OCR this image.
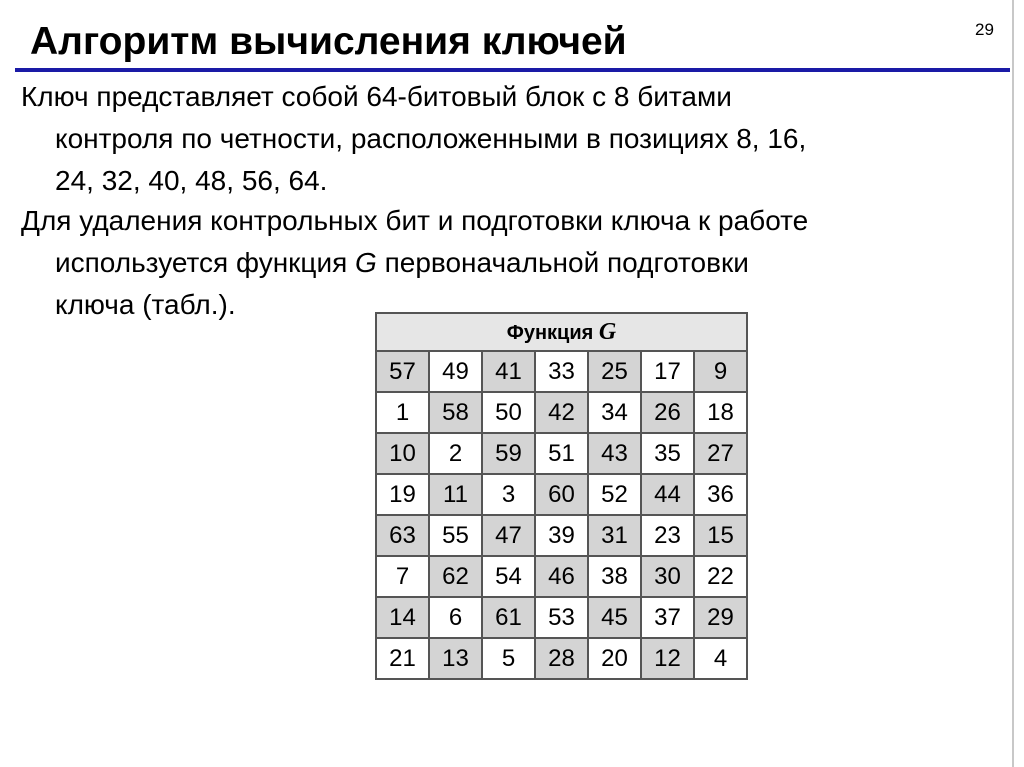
Алгоритм вычисления ключей	29

Ключ представляет собой 64-битовый блок с 8 битами
контроля по четности, расположенными в позициях 8, 16,
24, 32, 40, 48, 56, 64.

Для удаления контрольных бит и подготовки ключа к работе
используется функция G первоначальной подготовки
ключа (табл.).

Функция G						
57	49	41	33	25	17	9
1	58	50	42	34	26	18
10	2	59	51	43	35	27
19	11	3	60	52	44	36
63	55	47	39	31	23	15
7	62	54	46	38	30	22
14	6	61	53	45	37	29
21	13	5	28	20	12	4
